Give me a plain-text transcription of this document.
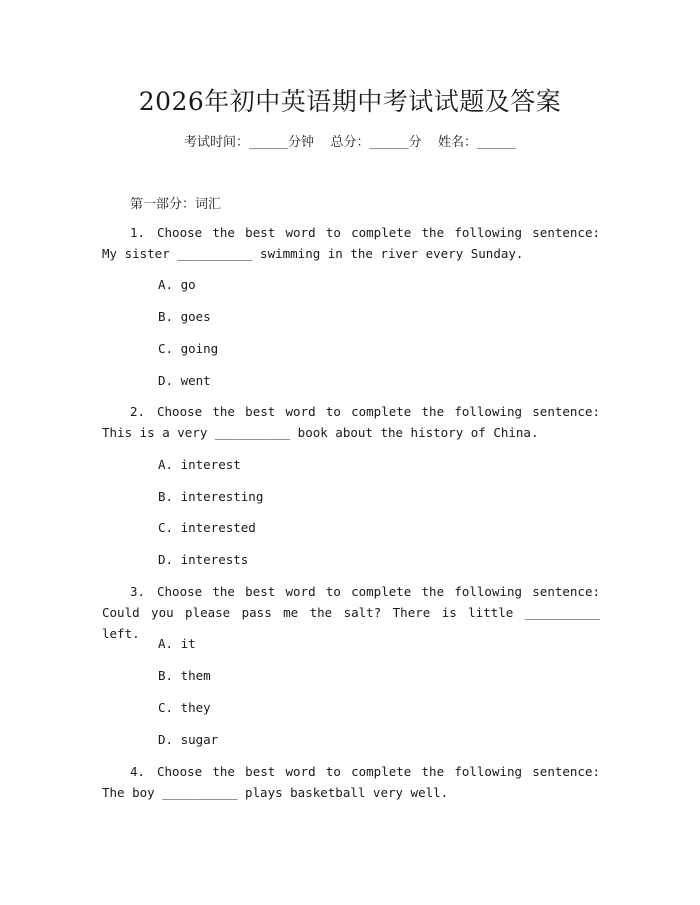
2026年初中英语期中考试试题及答案
考试时间：______分钟    总分：______分    姓名：______
第一部分：词汇
1. Choose the best word to complete the following sentence: My sister __________ swimming in the river every Sunday.
A. go
B. goes
C. going
D. went
2. Choose the best word to complete the following sentence: This is a very __________ book about the history of China.
A. interest
B. interesting
C. interested
D. interests
3. Choose the best word to complete the following sentence: Could you please pass me the salt? There is little __________ left.
A. it
B. them
C. they
D. sugar
4. Choose the best word to complete the following sentence: The boy __________ plays basketball very well.
